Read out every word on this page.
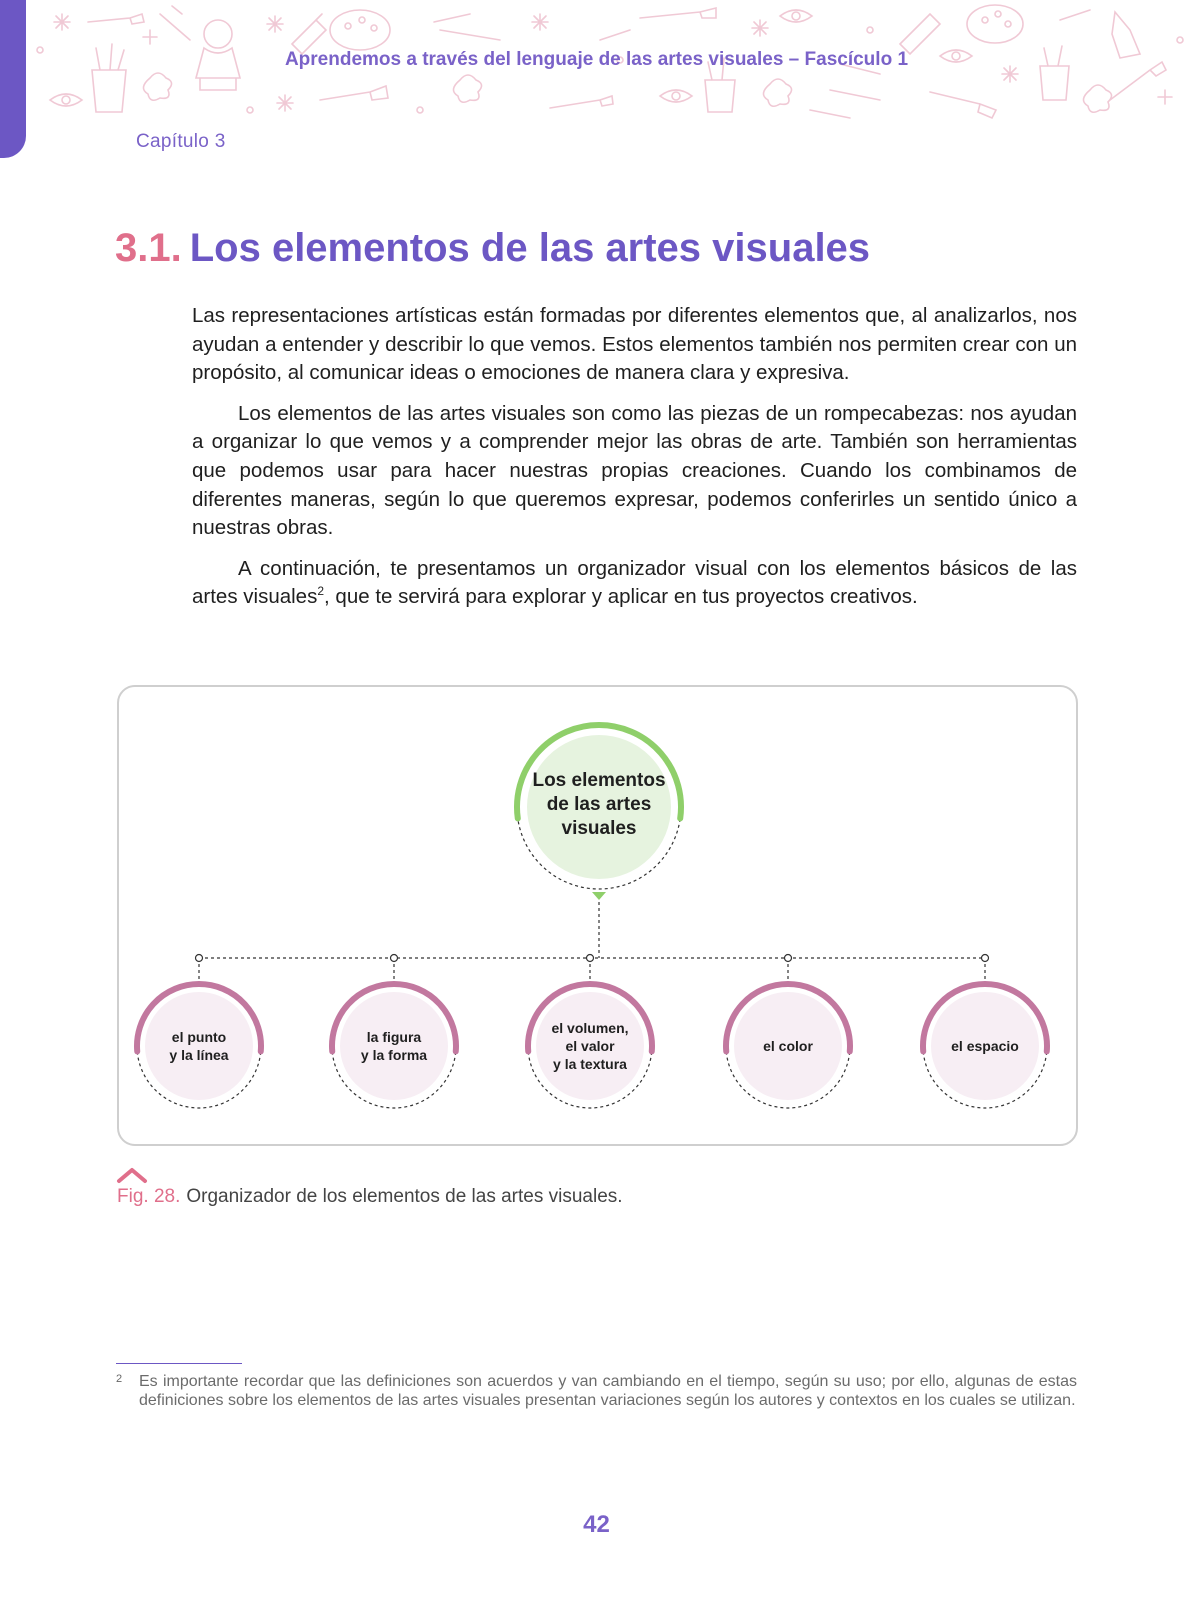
Aprendemos a través del lenguaje de las artes visuales – Fascículo 1
Capítulo 3
3.1. Los elementos de las artes visuales

Las representaciones artísticas están formadas por diferentes elementos que, al analizarlos, nos ayudan a entender y describir lo que vemos. Estos elementos también nos permiten crear con un propósito, al comunicar ideas o emociones de manera clara y expresiva.

Los elementos de las artes visuales son como las piezas de un rompecabezas: nos ayudan a organizar lo que vemos y a comprender mejor las obras de arte. También son herramientas que podemos usar para hacer nuestras propias creaciones. Cuando los combinamos de diferentes maneras, según lo que queremos expresar, podemos conferirles un sentido único a nuestras obras.

A continuación, te presentamos un organizador visual con los elementos básicos de las artes visuales$^2$, que te servirá para explorar y aplicar en tus proyectos creativos.

Los elementos
de las artes
visuales
el punto
y la línea
la figura
y la forma
el volumen,
el valor
y la textura
el color	el espacio
Fig. 28. Organizador de los elementos de las artes visuales.
2 Es importante recordar que las definiciones son acuerdos y van cambiando en el tiempo, según su uso; por ello, algunas de estas definiciones sobre los elementos de las artes visuales presentan variaciones según los autores y contextos en los cuales se utilizan.
42
